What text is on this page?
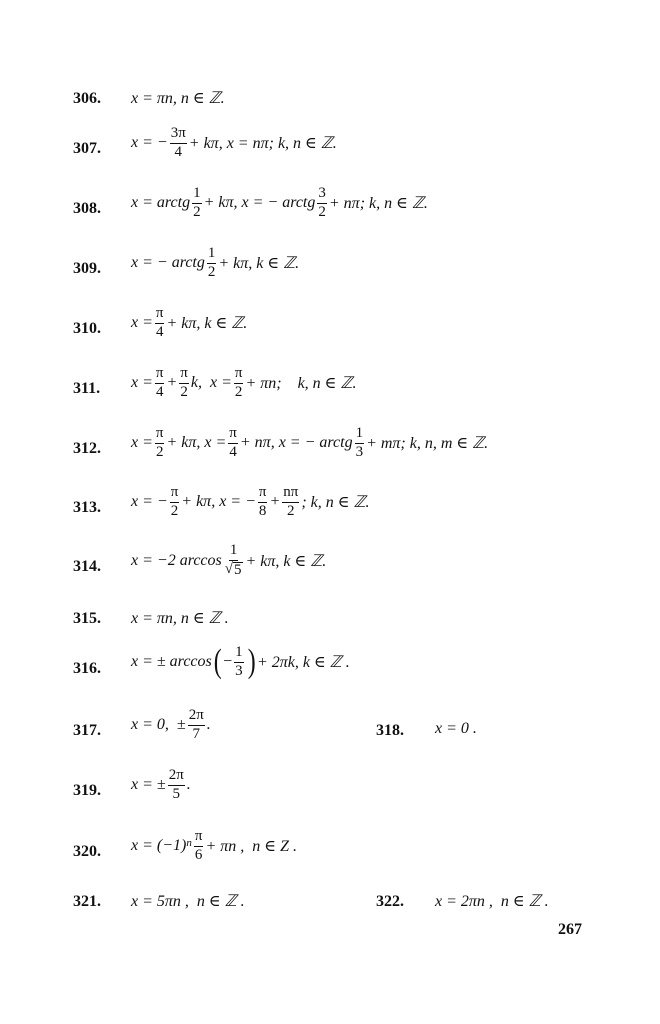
306. x = πn, n ∈ ℤ.
307. x = − $\frac{3\pi}{4} + k\pi$, x = nπ; k, n ∈ ℤ.
308. x = arctg $\frac{1}{2} + k\pi$, x = − arctg $\frac{3}{2} + n\pi$; k, n ∈ ℤ.
309. x = − arctg $\frac{1}{2} + k\pi$, k ∈ ℤ.
310. $x = \frac{\pi}{4} + k\pi$, k ∈ ℤ.
311. $x = \frac{\pi}{4} + \frac{\pi}{2} k$,  $x = \frac{\pi}{2} + \pi n$;    k, n ∈ ℤ.
312. $x = \frac{\pi}{2} + k\pi$, $x = \frac{\pi}{4} + n\pi$, x = − arctg $\frac{1}{3} + m\pi$; k, n, m ∈ ℤ.
313. x = − $\frac{\pi}{2} + k\pi$, x = − $\frac{\pi}{8} + \frac{n\pi}{2}$ ; k, n ∈ ℤ.
314. x = −2 $\arccos \frac{1}{√ 5} + k\pi$, k ∈ ℤ.
315. x = πn, n ∈ ℤ .
316. x = ± arccos ( − $\frac{1}{3}$ ) + 2πk, k ∈ ℤ .
317. x = 0,  ± $\frac{2\pi}{7}$ .	318. x = 0 .
319. x = ± $\frac{2\pi}{5}$ .
320. $x = (-1)^n \frac{\pi}{6} + \pi n$ ,  n ∈ Z .
321. x = 5πn ,  n ∈ ℤ .	322. x = 2πn ,  n ∈ ℤ .
267
